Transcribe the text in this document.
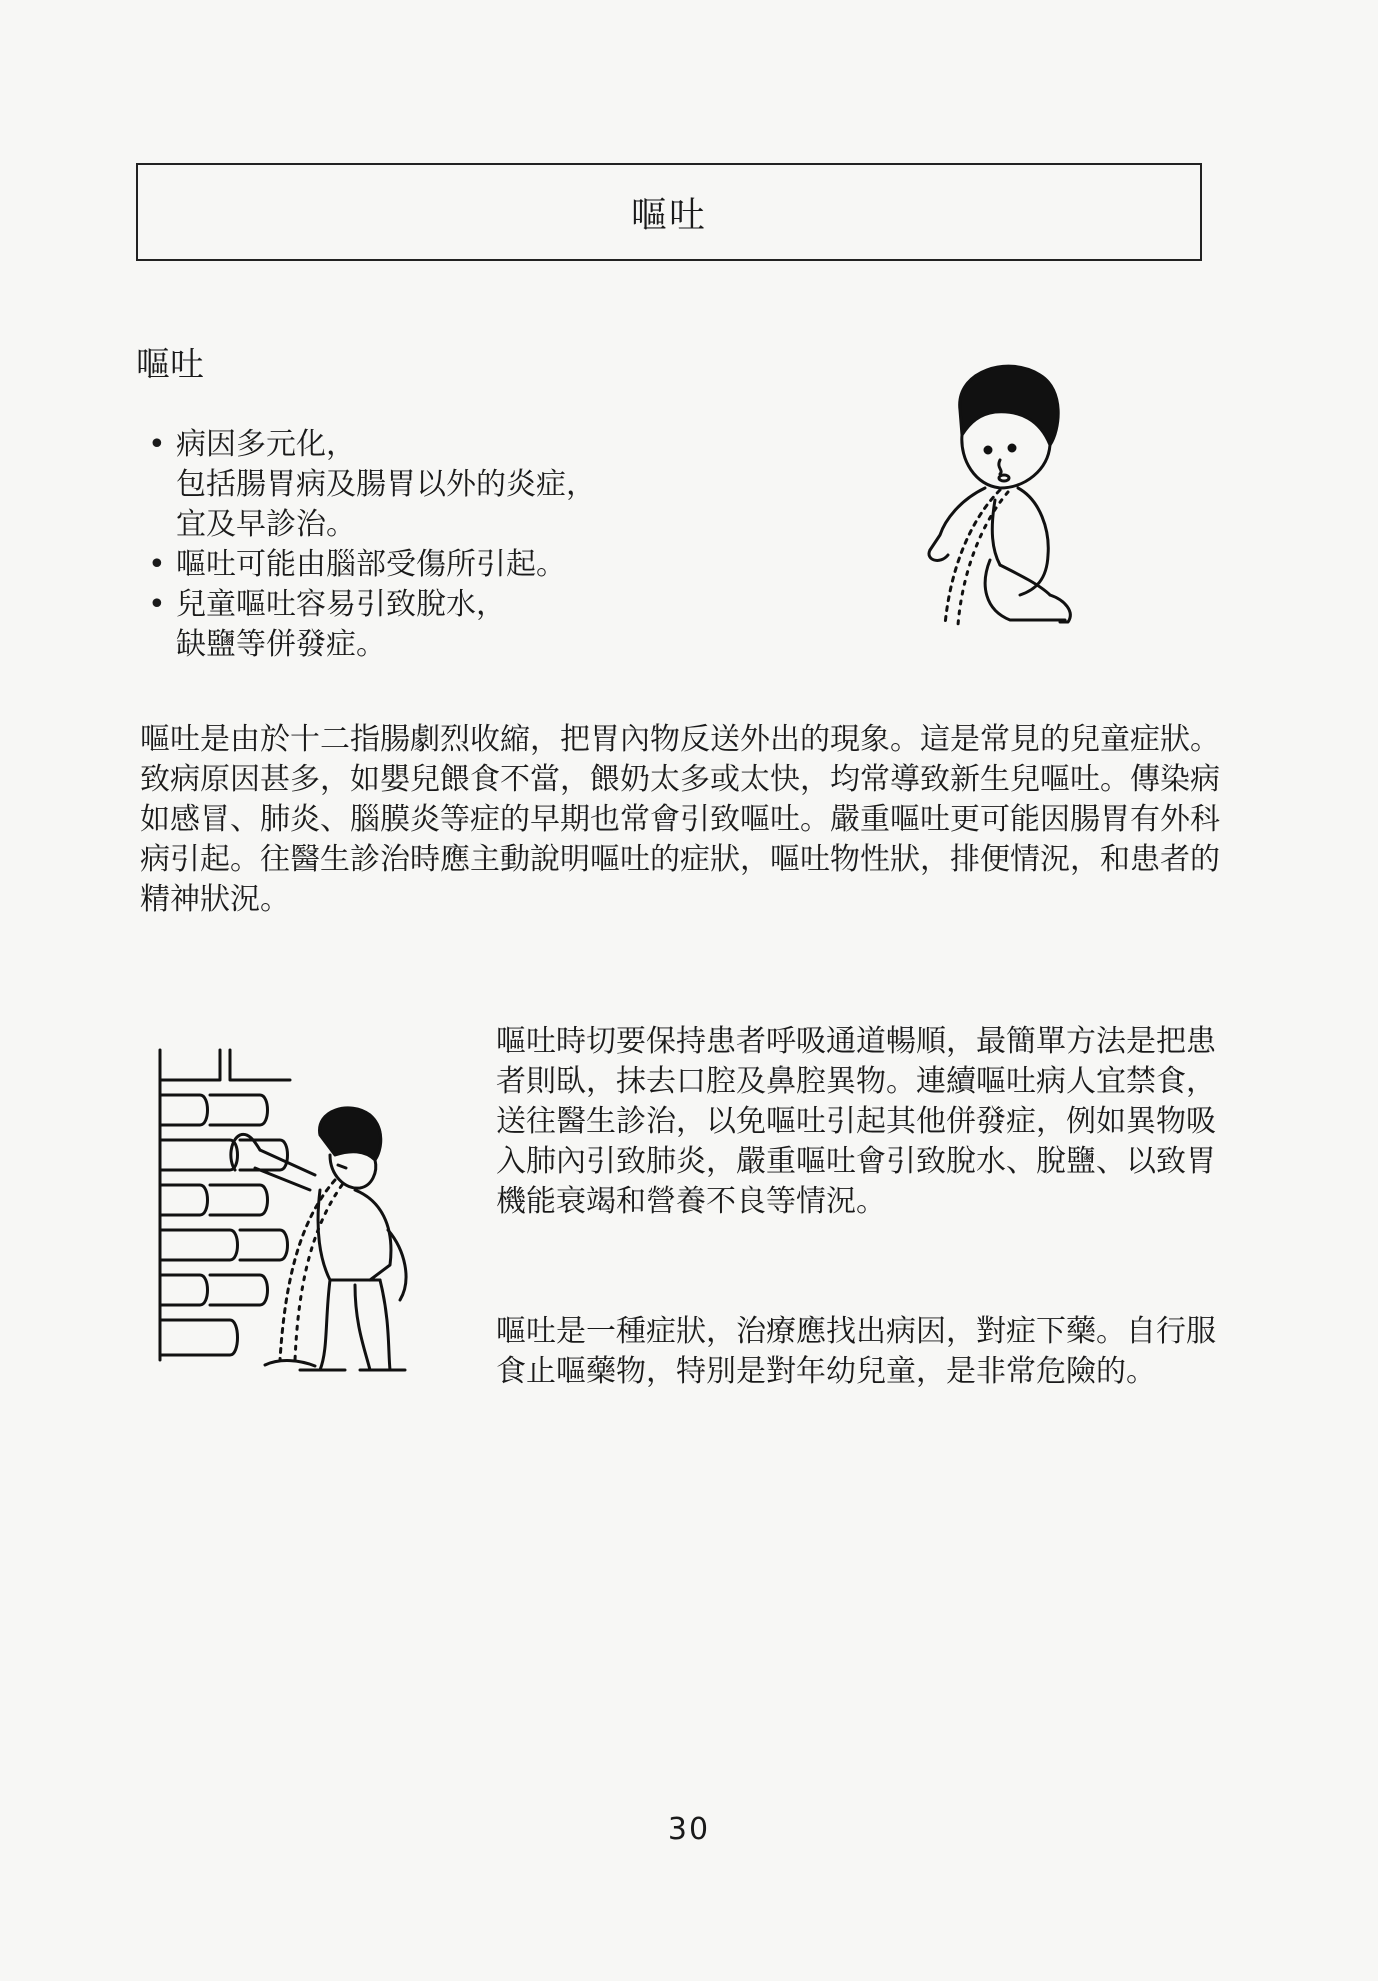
嘔吐
嘔吐
• 病因多元化，
包括腸胃病及腸胃以外的炎症，
宜及早診治。
• 嘔吐可能由腦部受傷所引起。
• 兒童嘔吐容易引致脫水，
缺鹽等併發症。

嘔吐是由於十二指腸劇烈收縮，把胃內物反送外出的現象。這是常見的兒童症狀。致病原因甚多，如嬰兒餵食不當，餵奶太多或太快，均常導致新生兒嘔吐。傳染病如感冒、肺炎、腦膜炎等症的早期也常會引致嘔吐。嚴重嘔吐更可能因腸胃有外科病引起。往醫生診治時應主動說明嘔吐的症狀，嘔吐物性狀，排便情況，和患者的精神狀況。

嘔吐時切要保持患者呼吸通道暢順，最簡單方法是把患者則臥，抹去口腔及鼻腔異物。連續嘔吐病人宜禁食，送往醫生診治，以免嘔吐引起其他併發症，例如異物吸入肺內引致肺炎，嚴重嘔吐會引致脫水、脫鹽、以致胃機能衰竭和營養不良等情況。

嘔吐是一種症狀，治療應找出病因，對症下藥。自行服食止嘔藥物，特別是對年幼兒童，是非常危險的。

30
